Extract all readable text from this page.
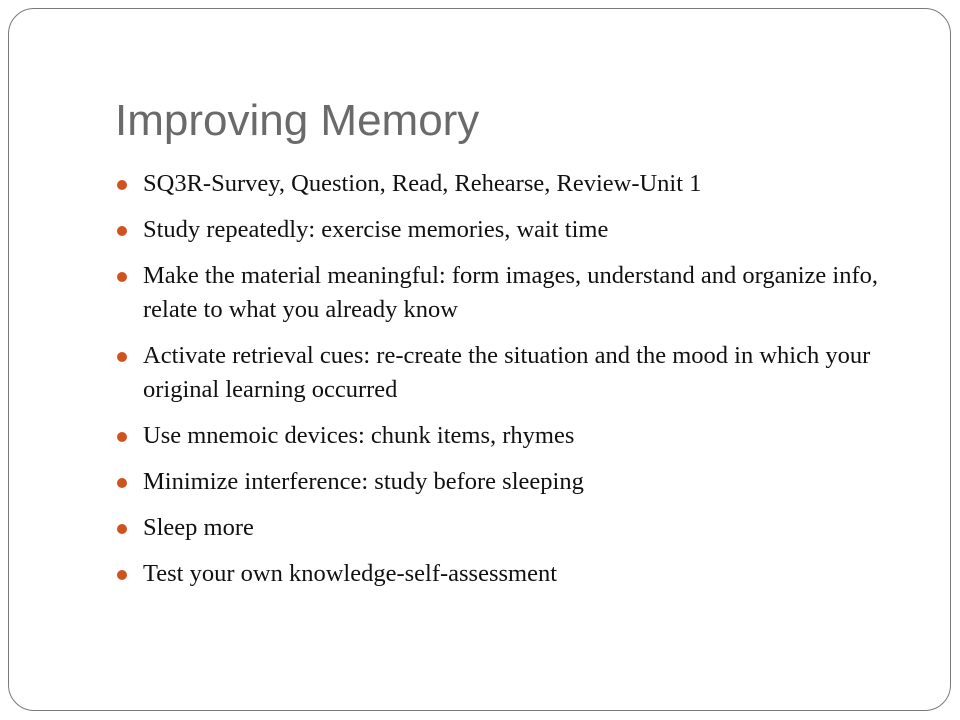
Improving Memory
SQ3R-Survey, Question, Read, Rehearse, Review-Unit 1
Study repeatedly: exercise memories, wait time
Make the material meaningful: form images, understand and organize info, relate to what you already know
Activate retrieval cues: re-create the situation and the mood in which your original learning occurred
Use mnemoic devices: chunk items, rhymes
Minimize interference: study before sleeping
Sleep more
Test your own knowledge-self-assessment
